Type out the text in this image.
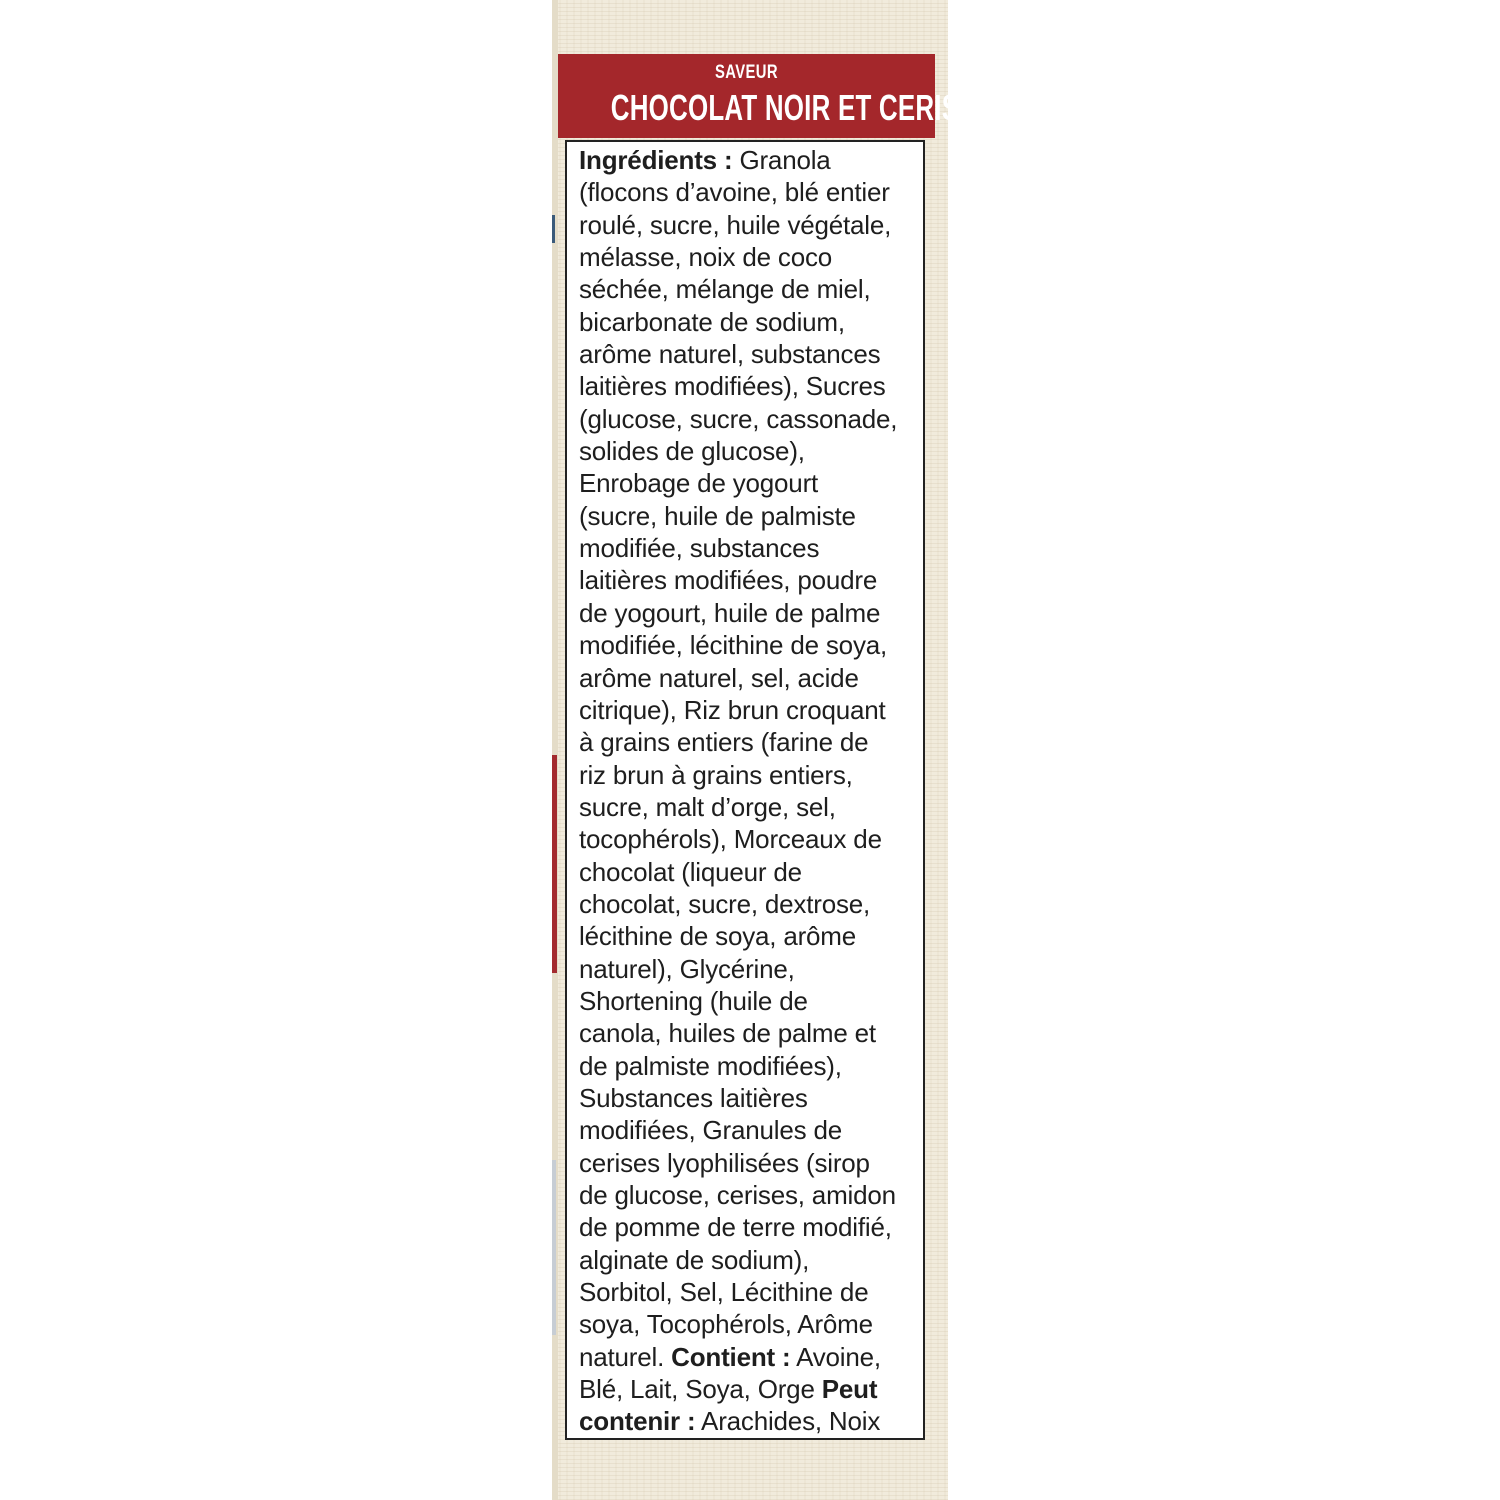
SAVEUR
CHOCOLAT NOIR ET CERISES

Ingrédients : Granola
(flocons d’avoine, blé entier
roulé, sucre, huile végétale,
mélasse, noix de coco
séchée, mélange de miel,
bicarbonate de sodium,
arôme naturel, substances
laitières modifiées), Sucres
(glucose, sucre, cassonade,
solides de glucose),
Enrobage de yogourt
(sucre, huile de palmiste
modifiée, substances
laitières modifiées, poudre
de yogourt, huile de palme
modifiée, lécithine de soya,
arôme naturel, sel, acide
citrique), Riz brun croquant
à grains entiers (farine de
riz brun à grains entiers,
sucre, malt d’orge, sel,
tocophérols), Morceaux de
chocolat (liqueur de
chocolat, sucre, dextrose,
lécithine de soya, arôme
naturel), Glycérine,
Shortening (huile de
canola, huiles de palme et
de palmiste modifiées),
Substances laitières
modifiées, Granules de
cerises lyophilisées (sirop
de glucose, cerises, amidon
de pomme de terre modifié,
alginate de sodium),
Sorbitol, Sel, Lécithine de
soya, Tocophérols, Arôme
naturel. Contient : Avoine,
Blé, Lait, Soya, Orge Peut
contenir : Arachides, Noix
